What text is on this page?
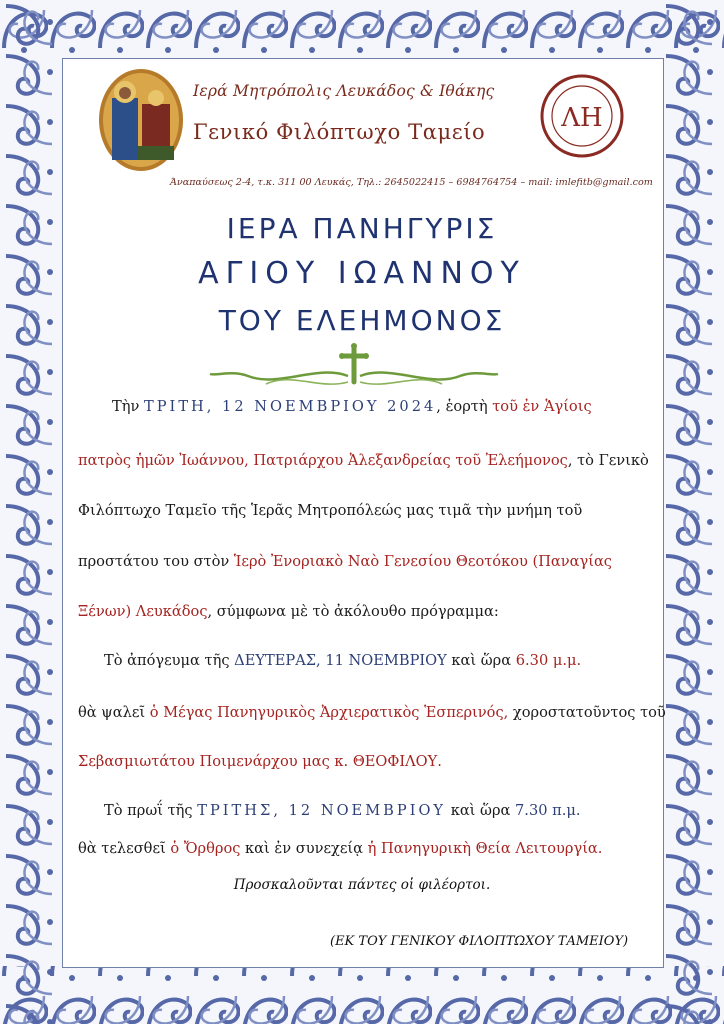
Ιερά Μητρόπολις Λευκάδος & Ιθάκης
Γενικό Φιλόπτωχο Ταμείο	ΛΗ
Άναπαύσεως 2-4, τ.κ. 311 00 Λευκάς, Τηλ.: 2645022415 – 6984764754 – mail: imlefitb@gmail.com
ΙΕΡΑ ΠΑΝΗΓΥΡΙΣ
ΑΓΙΟΥ ΙΩΑΝΝΟΥ
ΤΟΥ ΕΛΕΗΜΟΝΟΣ
Τὴν ΤΡΙΤΗ, 12 ΝΟΕΜΒΡΙΟΥ 2024, ἑορτὴ τοῦ ἐν Ἁγίοις
πατρὸς ἡμῶν Ἰωάννου, Πατριάρχου Ἀλεξανδρείας τοῦ Ἐλεήμονος, τὸ Γενικὸ
Φιλόπτωχο Ταμεῖο τῆς Ἱερᾶς Μητροπόλεώς μας τιμᾶ τὴν μνήμη τοῦ
προστάτου του στὸν Ἱερὸ Ἐνοριακὸ Ναὸ Γενεσίου Θεοτόκου (Παναγίας
Ξένων) Λευκάδος, σύμφωνα μὲ τὸ ἀκόλουθο πρόγραμμα:
Τὸ ἀπόγευμα τῆς ΔΕΥΤΕΡΑΣ, 11 ΝΟΕΜΒΡΙΟΥ καὶ ὥρα 6.30 μ.μ.
θὰ ψαλεῖ ὁ Μέγας Πανηγυρικὸς Ἀρχιερατικὸς Ἑσπερινός, χοροστατοῦντος τοῦ
Σεβασμιωτάτου Ποιμενάρχου μας κ. ΘΕΟΦΙΛΟΥ.
Τὸ πρωΐ τῆς ΤΡΙΤΗΣ, 12 ΝΟΕΜΒΡΙΟΥ καὶ ὥρα 7.30 π.μ.
θὰ τελεσθεῖ ὁ Ὄρθρος καὶ ἐν συνεχείᾳ ἡ Πανηγυρικὴ Θεία Λειτουργία.
Προσκαλοῦνται πάντες οἱ φιλέορτοι.
(ΕΚ ΤΟΥ ΓΕΝΙΚΟΥ ΦΙΛΟΠΤΩΧΟΥ ΤΑΜΕΙΟΥ)
